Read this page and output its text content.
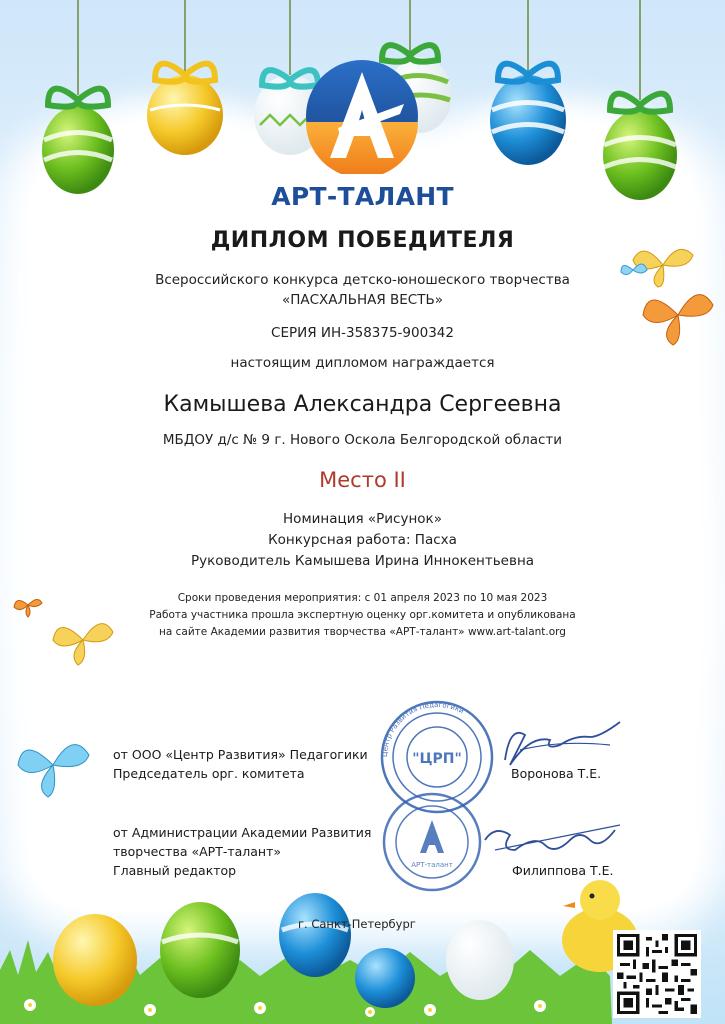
АРТ-ТАЛАНТ
ДИПЛОМ ПОБЕДИТЕЛЯ
Всероссийского конкурса детско-юношеского творчества
«ПАСХАЛЬНАЯ ВЕСТЬ»
СЕРИЯ ИН-358375-900342
настоящим дипломом награждается
Камышева Александра Сергеевна
МБДОУ д/с № 9 г. Нового Оскола Белгородской области
Место II
Номинация «Рисунок»
Конкурсная работа: Пасха
Руководитель Камышева Ирина Иннокентьевна
Сроки проведения мероприятия: с 01 апреля 2023 по 10 мая 2023
Работа участника прошла экспертную оценку орг.комитета и опубликована
на сайте Академии развития творчества «АРТ-талант» www.art-talant.org
"ЦРП"
Центр Развития Педагогики
АРТ-талант
от ООО «Центр Развития» Педагогики
Председатель орг. комитета	Воронова Т.Е.
от Администрации Академии Развития
творчества «АРТ-талант»
Главный редактор	Филиппова Т.Е.
г. Санкт-Петербург
